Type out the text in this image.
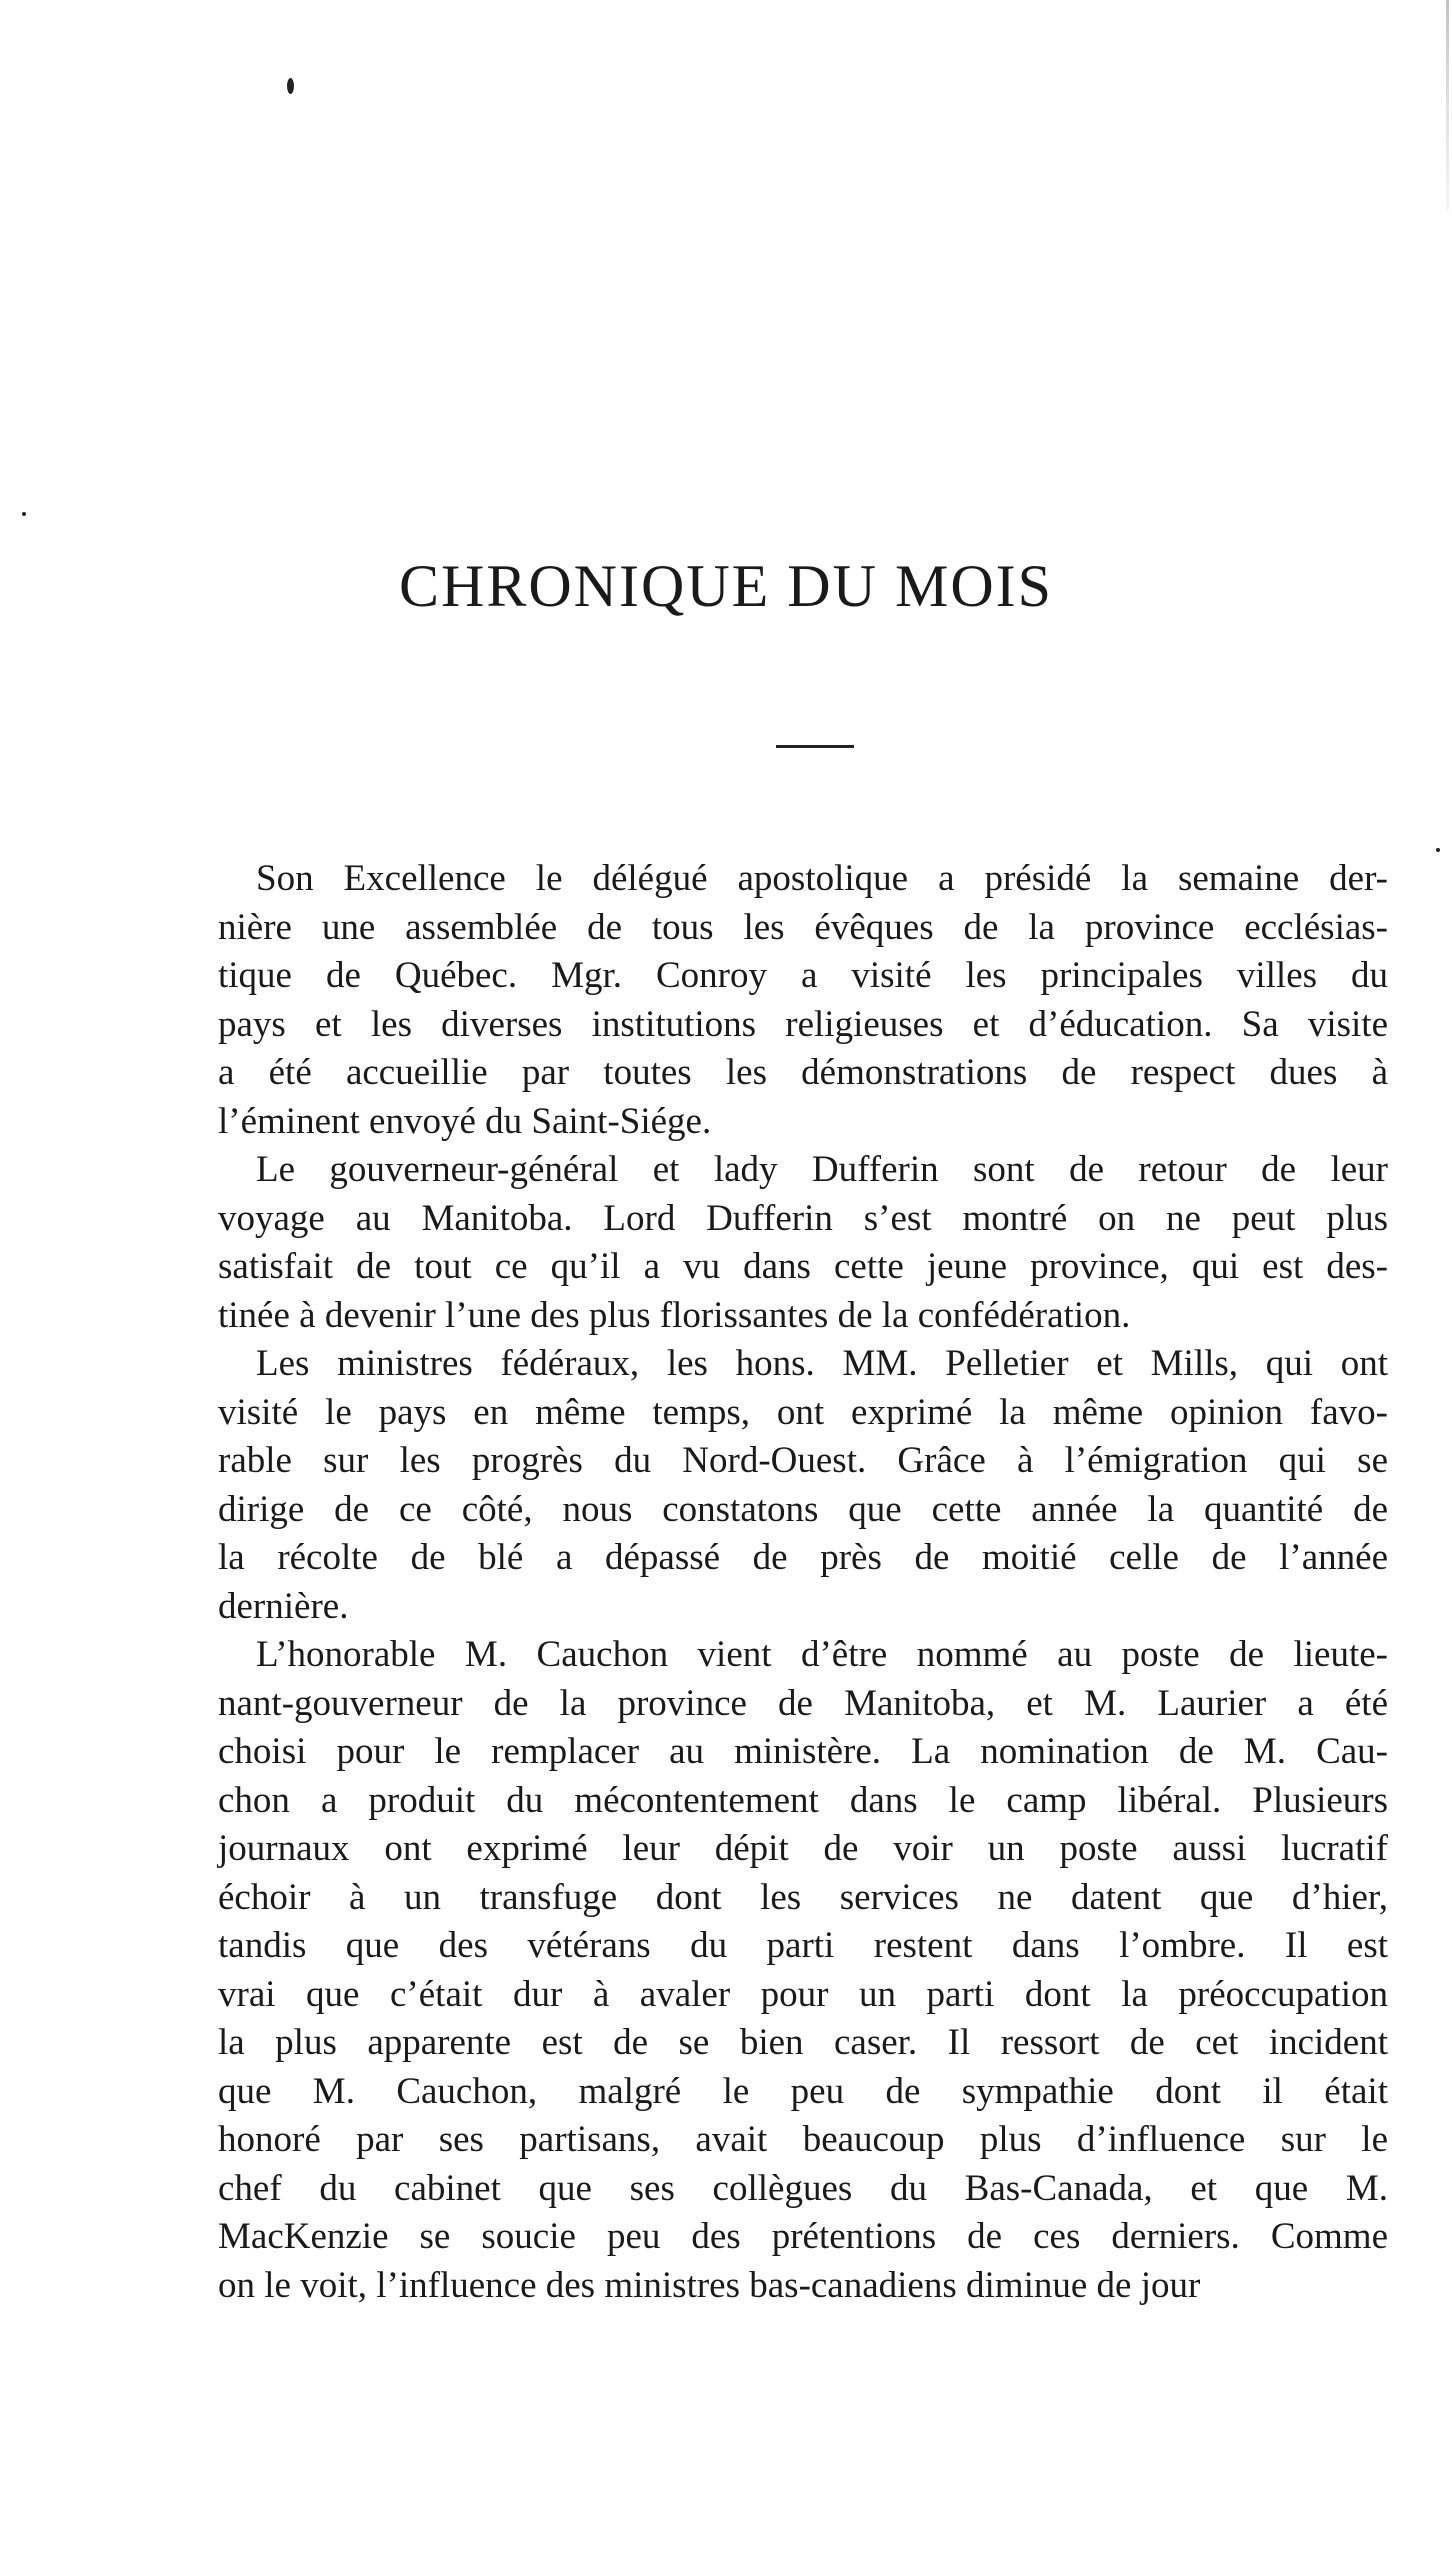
CHRONIQUE DU MOIS
Son Excellence le délégué apostolique a présidé la semaine der-
nière une assemblée de tous les évêques de la province ecclésias-
tique de Québec. Mgr. Conroy a visité les principales villes du
pays et les diverses institutions religieuses et d’éducation. Sa visite
a été accueillie par toutes les démonstrations de respect dues à
l’éminent envoyé du Saint-Siége.
Le gouverneur-général et lady Dufferin sont de retour de leur
voyage au Manitoba. Lord Dufferin s’est montré on ne peut plus
satisfait de tout ce qu’il a vu dans cette jeune province, qui est des-
tinée à devenir l’une des plus florissantes de la confédération.
Les ministres fédéraux, les hons. MM. Pelletier et Mills, qui ont
visité le pays en même temps, ont exprimé la même opinion favo-
rable sur les progrès du Nord-Ouest. Grâce à l’émigration qui se
dirige de ce côté, nous constatons que cette année la quantité de
la récolte de blé a dépassé de près de moitié celle de l’année
dernière.
L’honorable M. Cauchon vient d’être nommé au poste de lieute-
nant-gouverneur de la province de Manitoba, et M. Laurier a été
choisi pour le remplacer au ministère. La nomination de M. Cau-
chon a produit du mécontentement dans le camp libéral. Plusieurs
journaux ont exprimé leur dépit de voir un poste aussi lucratif
échoir à un transfuge dont les services ne datent que d’hier,
tandis que des vétérans du parti restent dans l’ombre. Il est
vrai que c’était dur à avaler pour un parti dont la préoccupation
la plus apparente est de se bien caser. Il ressort de cet incident
que M. Cauchon, malgré le peu de sympathie dont il était
honoré par ses partisans, avait beaucoup plus d’influence sur le
chef du cabinet que ses collègues du Bas-Canada, et que M.
MacKenzie se soucie peu des prétentions de ces derniers. Comme
on le voit, l’influence des ministres bas-canadiens diminue de jour
